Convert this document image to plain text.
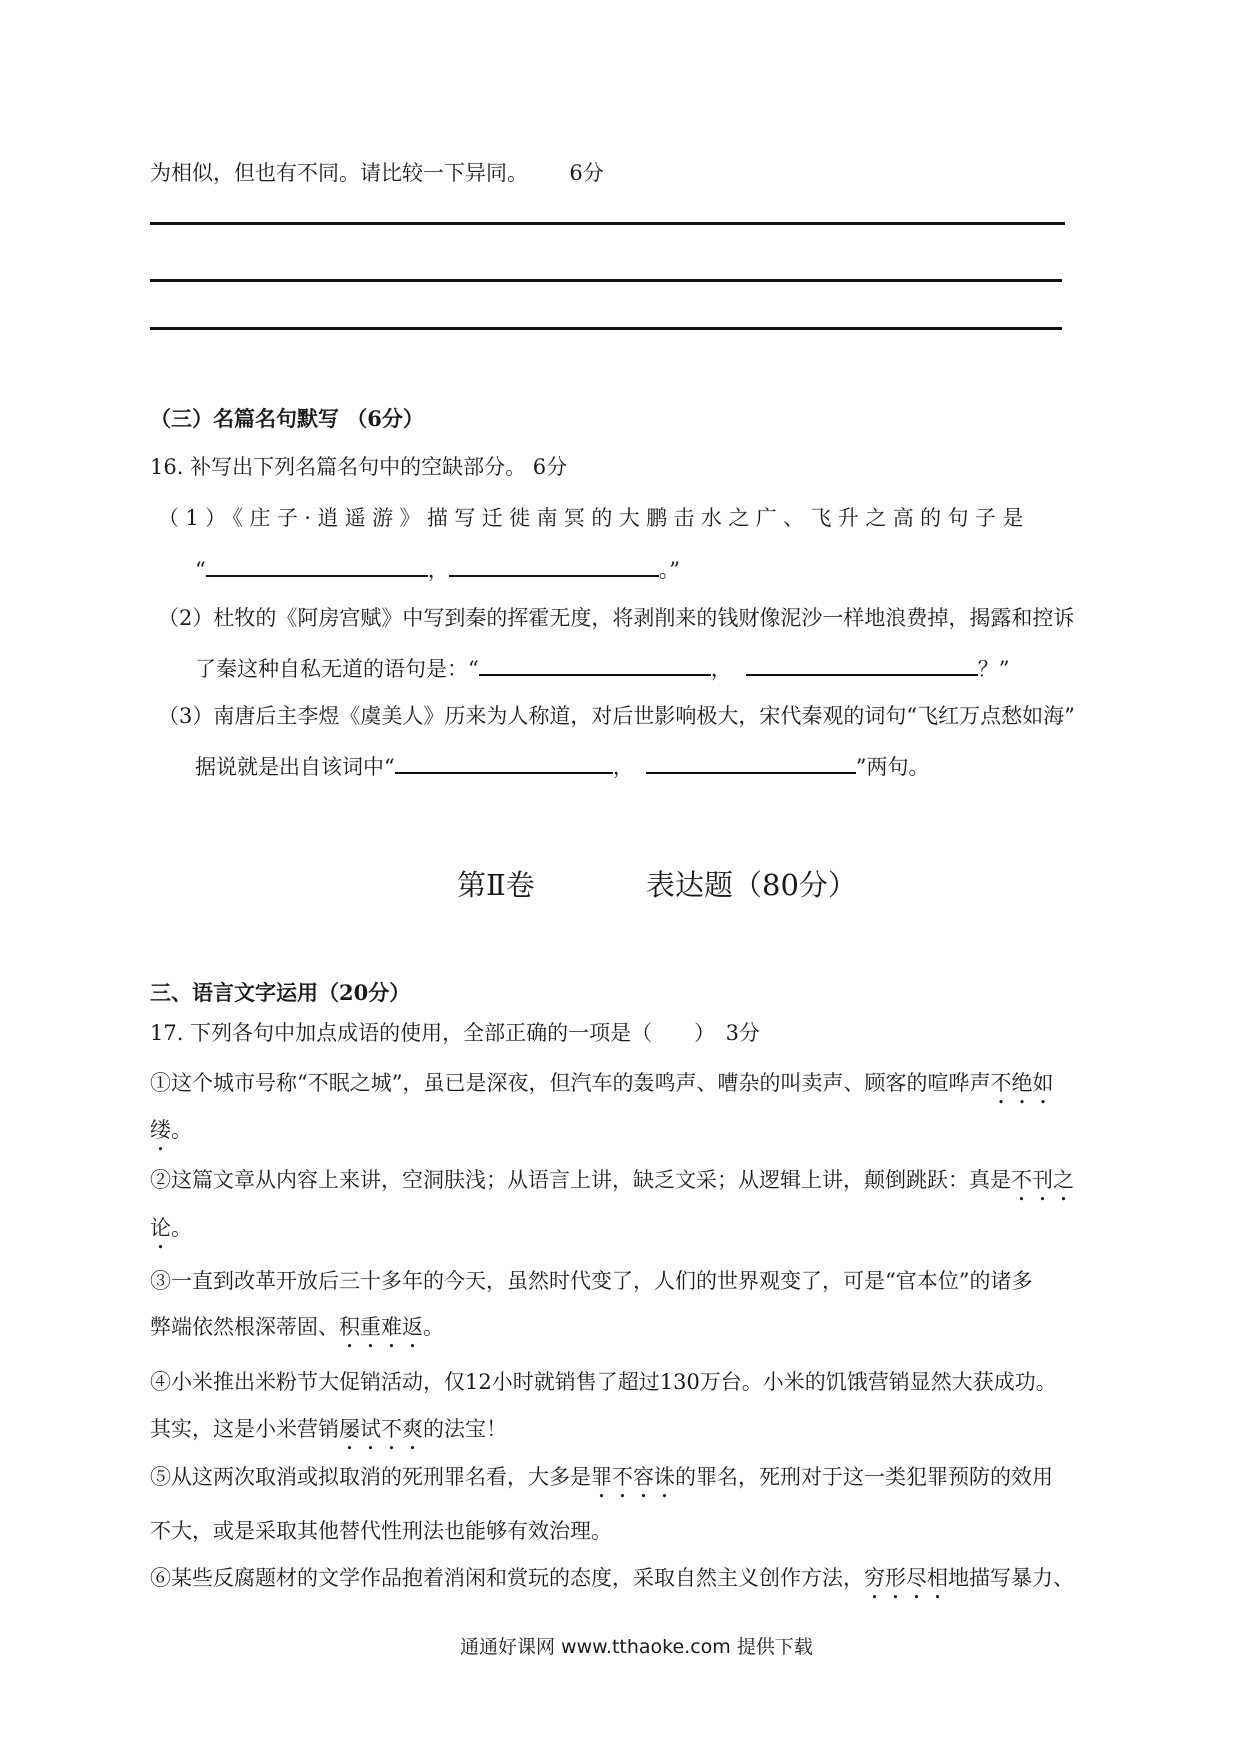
为相似，但也有不同。请比较一下异同。 6分
（三）名篇名句默写 （6分）
16. 补写出下列名篇名句中的空缺部分。 6分
（1）《庄子·逍遥游》描写迁徙南冥的大鹏击水之广、飞升之高的句子是
“	，	。”
（2）杜牧的《阿房宫赋》中写到秦的挥霍无度，将剥削来的钱财像泥沙一样地浪费掉，揭露和控诉
了秦这种自私无道的语句是：“	，	？”
（3）南唐后主李煜《虞美人》历来为人称道，对后世影响极大，宋代秦观的词句“飞红万点愁如海”
据说就是出自该词中“	，	”两句。
第Ⅱ卷	表达题（80分）
三、语言文字运用（20分）
17. 下列各句中加点成语的使用，全部正确的一项是（　　）　3分
①这个城市号称“不眠之城”，虽已是深夜，但汽车的轰鸣声、嘈杂的叫卖声、顾客的喧哗声不绝如
缕。
②这篇文章从内容上来讲，空洞肤浅；从语言上讲，缺乏文采；从逻辑上讲，颠倒跳跃：真是不刊之
论。
③一直到改革开放后三十多年的今天，虽然时代变了，人们的世界观变了，可是“官本位”的诸多
弊端依然根深蒂固、积重难返。
④小米推出米粉节大促销活动，仅12小时就销售了超过130万台。小米的饥饿营销显然大获成功。
其实，这是小米营销屡试不爽的法宝！
⑤从这两次取消或拟取消的死刑罪名看，大多是罪不容诛的罪名，死刑对于这一类犯罪预防的效用
不大，或是采取其他替代性刑法也能够有效治理。
⑥某些反腐题材的文学作品抱着消闲和赏玩的态度，采取自然主义创作方法，穷形尽相地描写暴力、
通通好课网 www.tthaoke.com 提供下载
